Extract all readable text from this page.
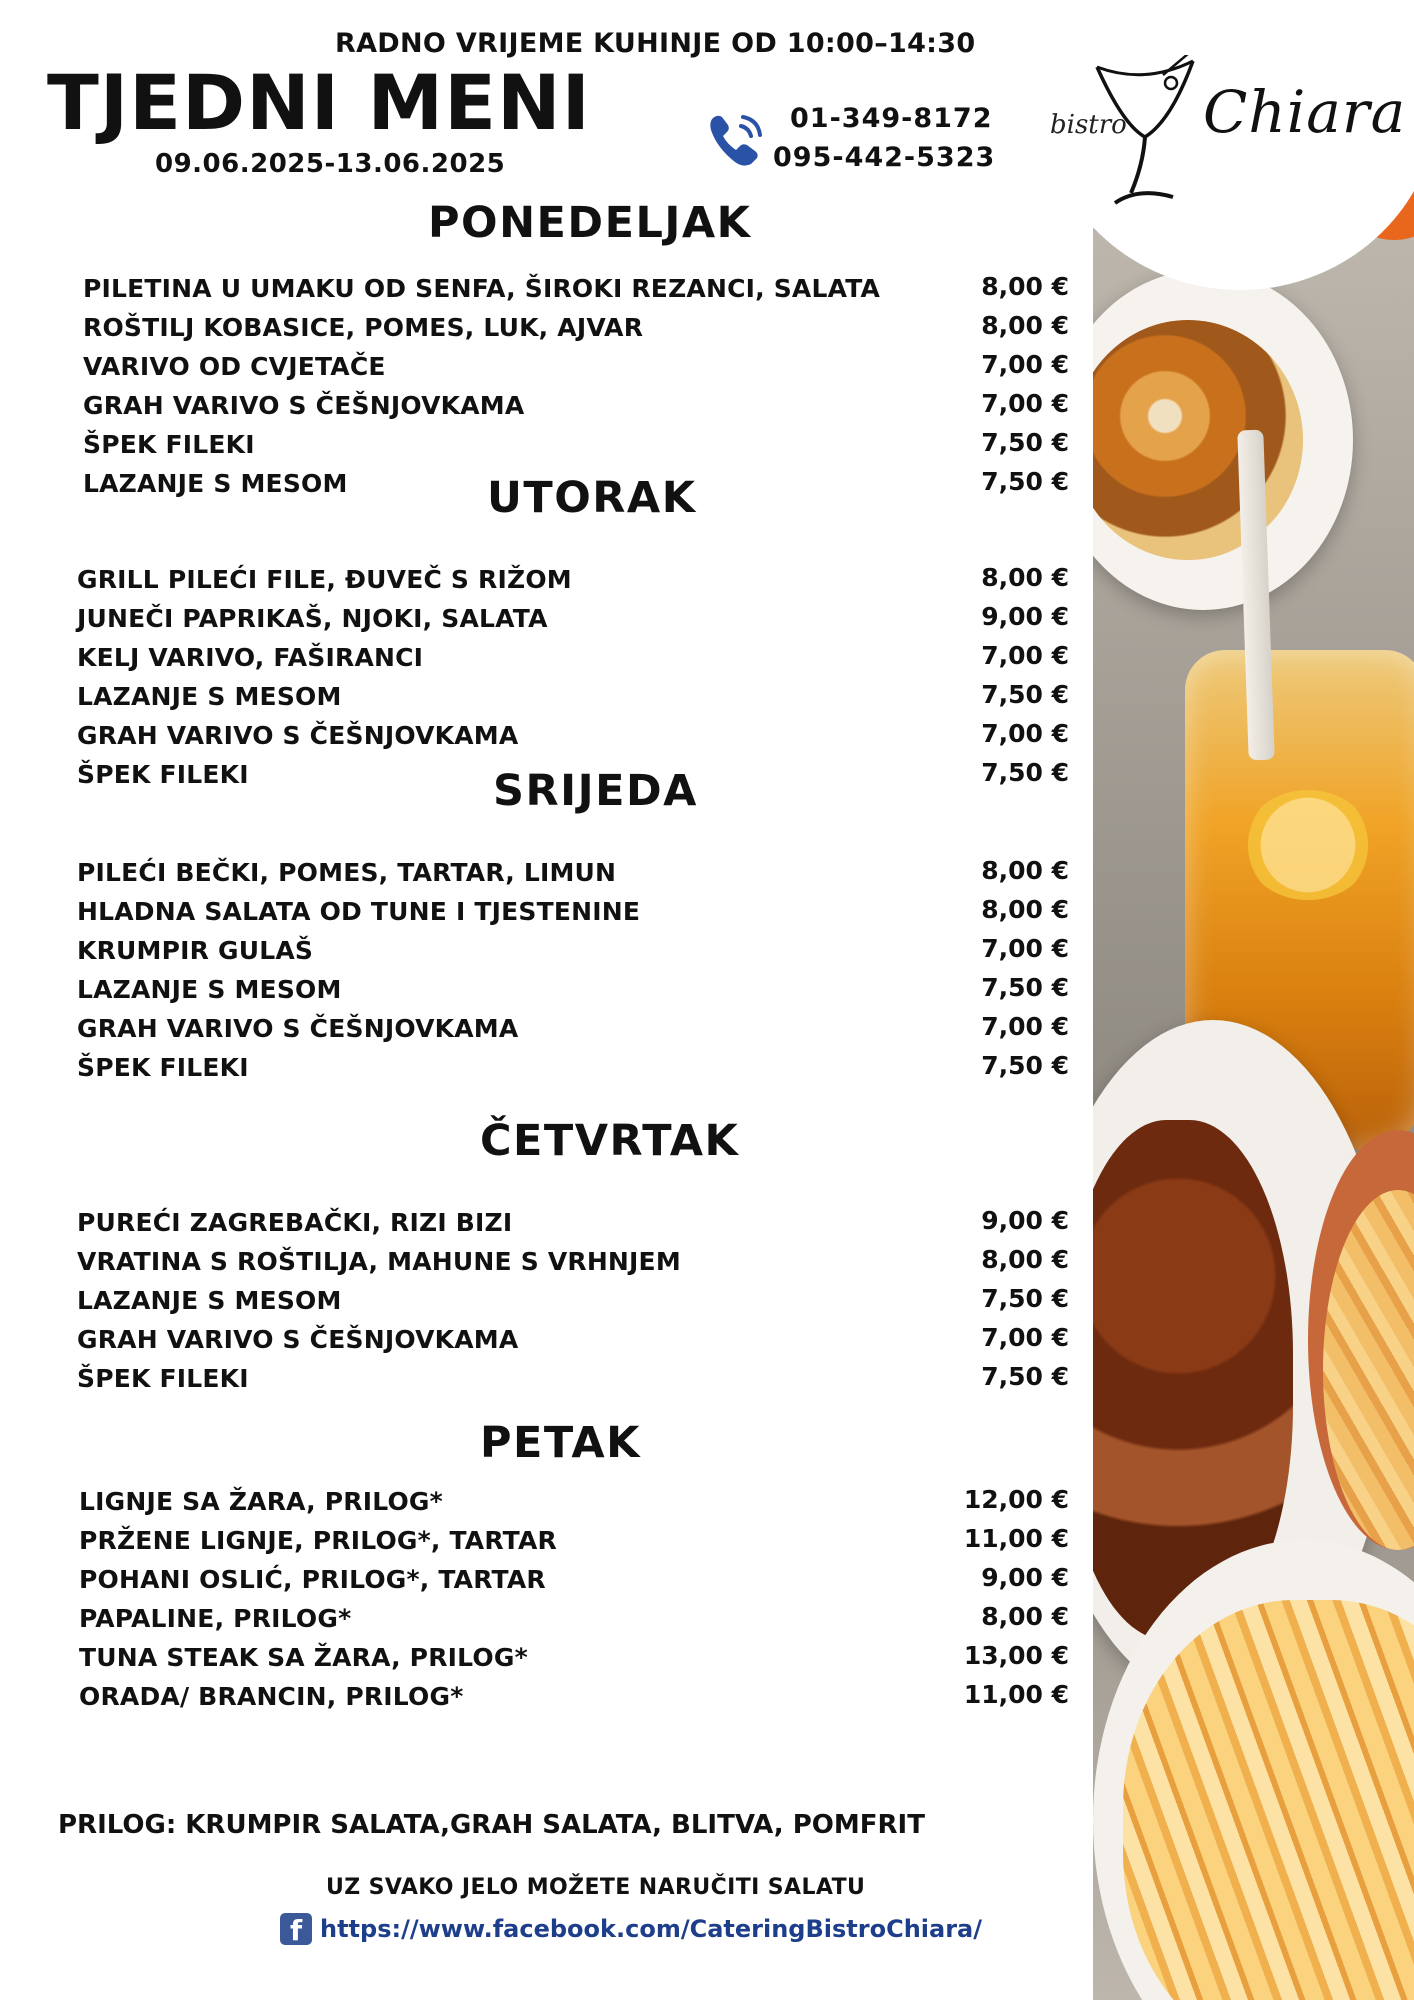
bistro Chiara
RADNO VRIJEME KUHINJE OD 10:00–14:30
TJEDNI MENI
09.06.2025-13.06.2025
01-349-8172
095-442-5323
PONEDELJAK
PILETINA U UMAKU OD SENFA, ŠIROKI REZANCI, SALATA	8,00 €
ROŠTILJ KOBASICE, POMES, LUK, AJVAR	8,00 €
VARIVO OD CVJETAČE	7,00 €
GRAH VARIVO S ČEŠNJOVKAMA	7,00 €
ŠPEK FILEKI	7,50 €
LAZANJE S MESOM	7,50 €
UTORAK
GRILL PILEĆI FILE, ĐUVEČ S RIŽOM	8,00 €
JUNEČI PAPRIKAŠ, NJOKI, SALATA	9,00 €
KELJ VARIVO, FAŠIRANCI	7,00 €
LAZANJE S MESOM	7,50 €
GRAH VARIVO S ČEŠNJOVKAMA	7,00 €
ŠPEK FILEKI	7,50 €
SRIJEDA
PILEĆI BEČKI, POMES, TARTAR, LIMUN	8,00 €
HLADNA SALATA OD TUNE I TJESTENINE	8,00 €
KRUMPIR GULAŠ	7,00 €
LAZANJE S MESOM	7,50 €
GRAH VARIVO S ČEŠNJOVKAMA	7,00 €
ŠPEK FILEKI	7,50 €
ČETVRTAK
PUREĆI ZAGREBAČKI, RIZI BIZI	9,00 €
VRATINA S ROŠTILJA, MAHUNE S VRHNJEM	8,00 €
LAZANJE S MESOM	7,50 €
GRAH VARIVO S ČEŠNJOVKAMA	7,00 €
ŠPEK FILEKI	7,50 €
PETAK
LIGNJE SA ŽARA, PRILOG*	12,00 €
PRŽENE LIGNJE, PRILOG*, TARTAR	11,00 €
POHANI OSLIĆ, PRILOG*, TARTAR	9,00 €
PAPALINE, PRILOG*	8,00 €
TUNA STEAK SA ŽARA, PRILOG*	13,00 €
ORADA/ BRANCIN, PRILOG*	11,00 €
PRILOG: KRUMPIR SALATA,GRAH SALATA, BLITVA, POMFRIT
UZ SVAKO JELO MOŽETE NARUČITI SALATU
f https://www.facebook.com/CateringBistroChiara/
